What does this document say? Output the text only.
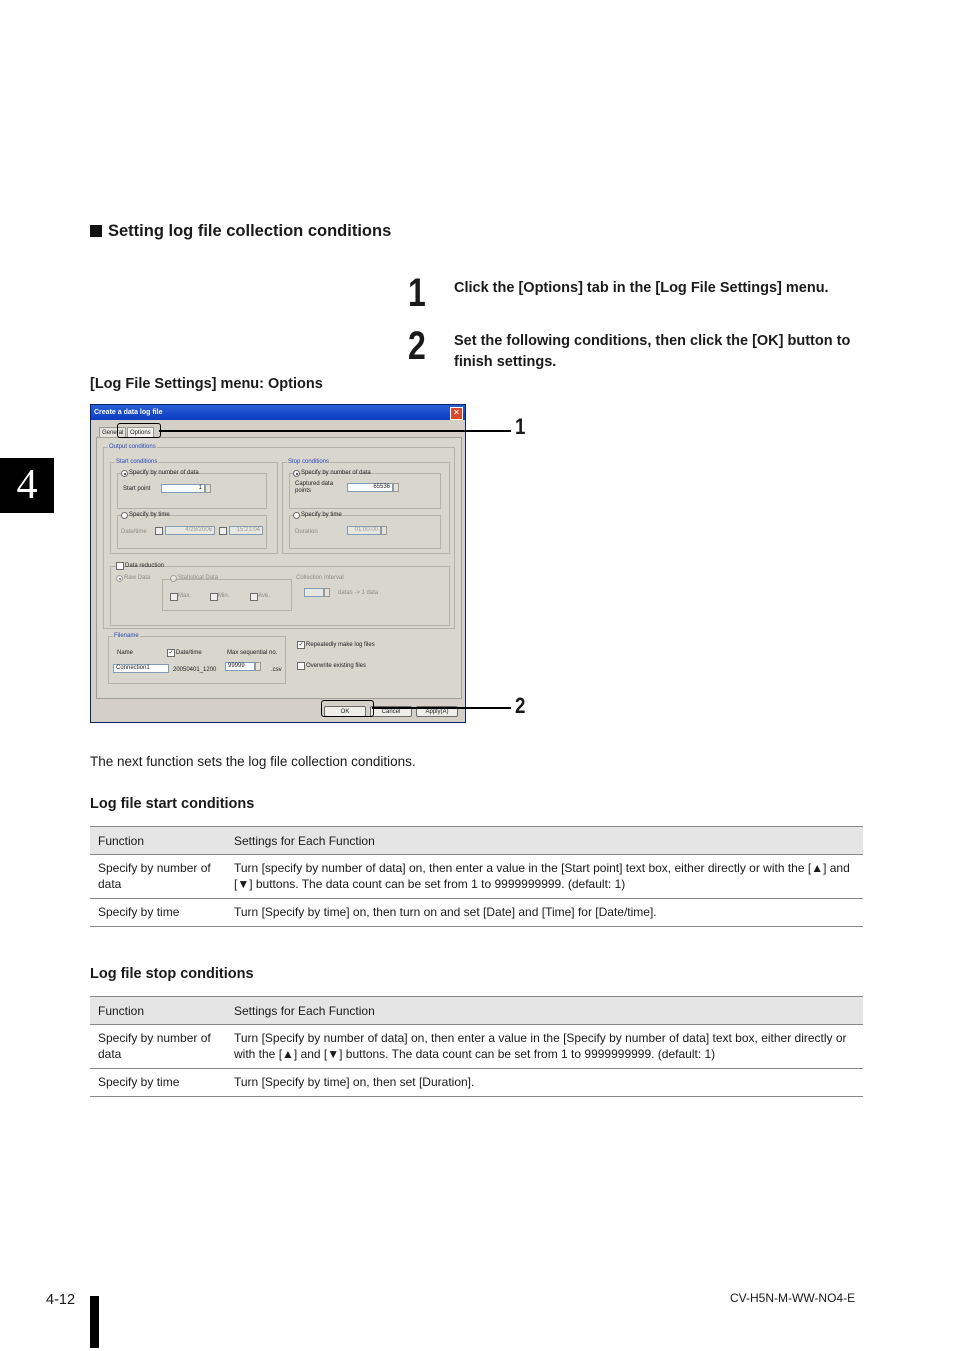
Setting log file collection conditions
1 Click the [Options] tab in the [Log File Settings] menu.
2 Set the following conditions, then click the [OK] button to finish settings.
4
[Log File Settings] menu: Options
Create a data log file	✕
General	Options
Output conditions
Start conditions
Specify by number of data
Start point	1
Specify by time
Date/time	4/28/2006	15:21:04
Stop conditions
Specify by number of data
Captured data points
65536
Specify by time
Duration	01:00:00
Data reduction
Raw Data	Statistical Data
Max.	Min.	Ave.
Collection Interval
datas -> 1 data
Filename
Name
Connection1
✓ Date/time
20050401_1200
Max sequential no.
99999
.csv
✓ Repeatedly make log files
Overwrite existing files
OK	Cancel	Apply(A)
1
2
The next function sets the log file collection conditions.
Log file start conditions
Function	Settings for Each Function
Specify by number of data	Turn [specify by number of data] on, then enter a value in the [Start point] text box, either directly or with the [▲] and [▼] buttons. The data count can be set from 1 to 9999999999. (default: 1)
Specify by time	Turn [Specify by time] on, then turn on and set [Date] and [Time] for [Date/time].
Log file stop conditions
Function	Settings for Each Function
Specify by number of data	Turn [Specify by number of data] on, then enter a value in the [Specify by number of data] text box, either directly or with the [▲] and [▼] buttons. The data count can be set from 1 to 9999999999. (default: 1)
Specify by time	Turn [Specify by time] on, then set [Duration].
4-12	CV-H5N-M-WW-NO4-E
